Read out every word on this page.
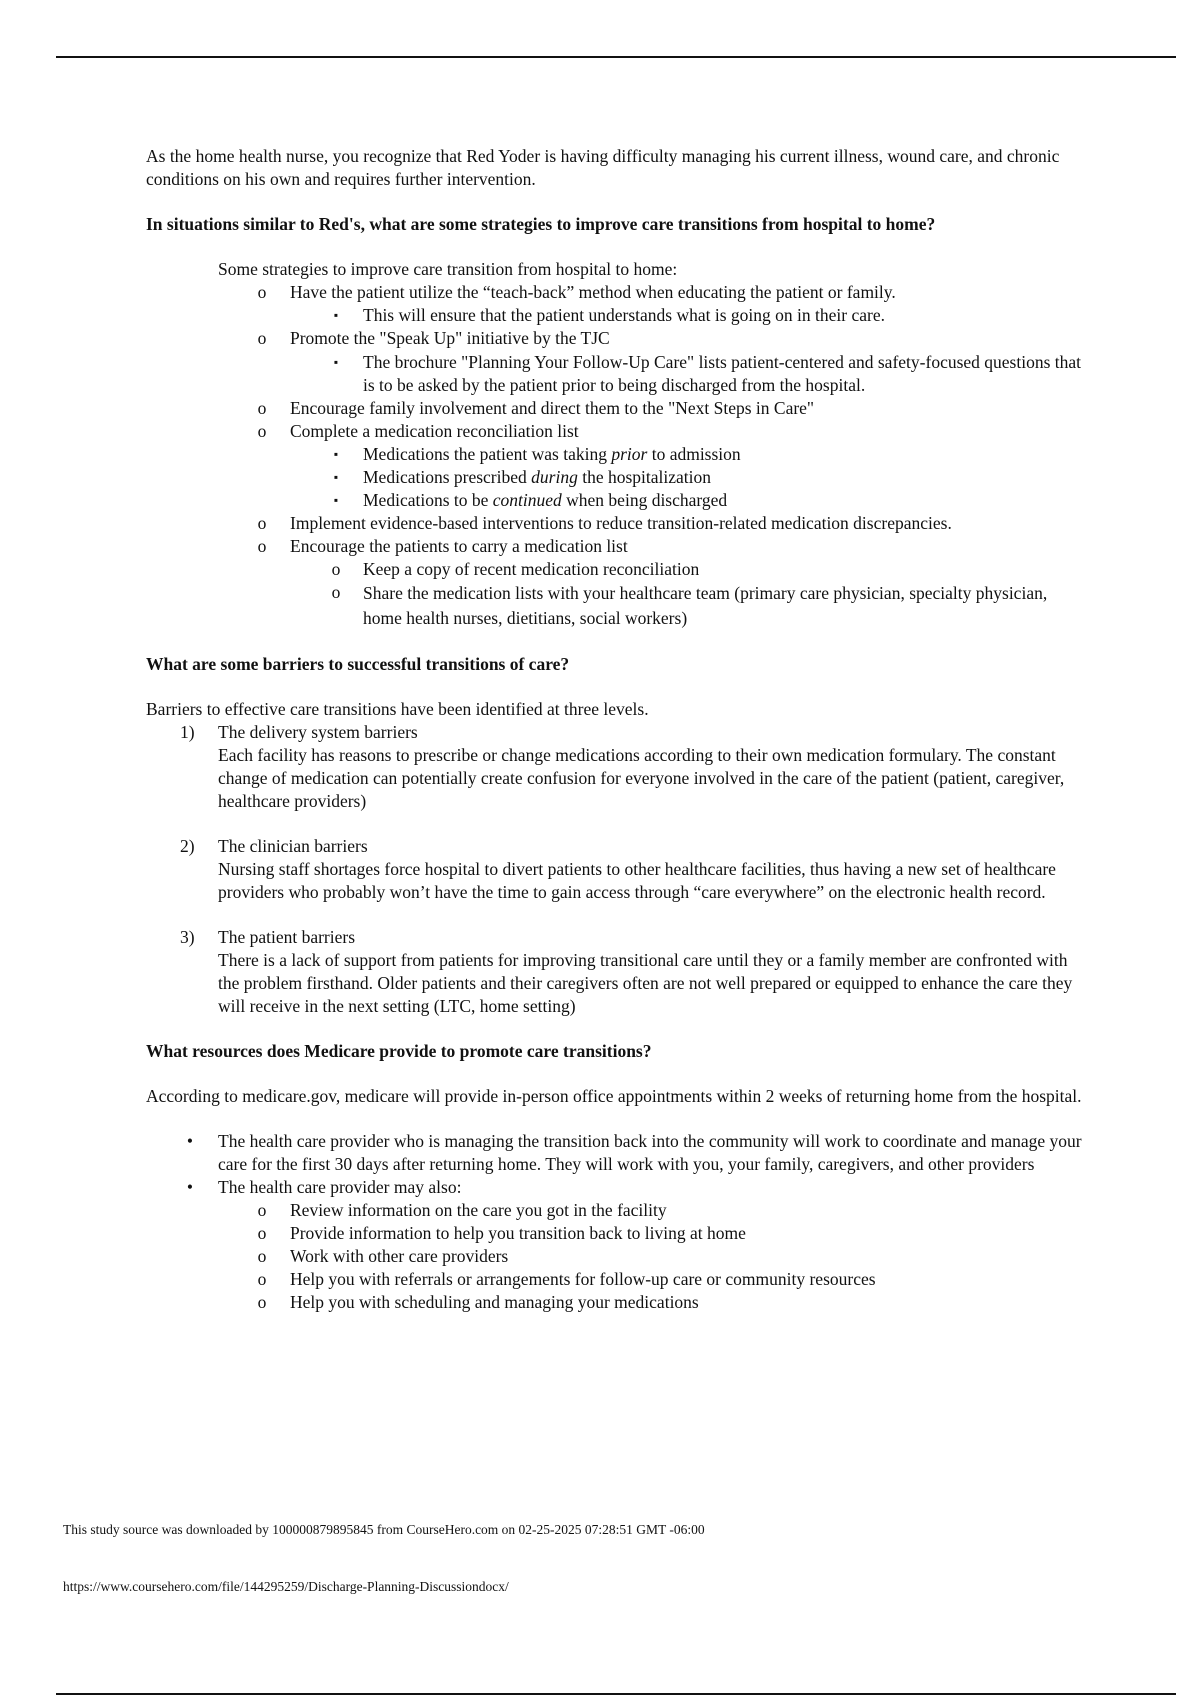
As the home health nurse, you recognize that Red Yoder is having difficulty managing his current illness, wound care, and chronic conditions on his own and requires further intervention.

In situations similar to Red's, what are some strategies to improve care transitions from hospital to home?

Some strategies to improve care transition from hospital to home:

o	Have the patient utilize the “teach-back” method when educating the patient or family.

▪	This will ensure that the patient understands what is going on in their care.

o	Promote the "Speak Up" initiative by the TJC

▪	The brochure "Planning Your Follow-Up Care" lists patient-centered and safety-focused questions that is to be asked by the patient prior to being discharged from the hospital.

o	Encourage family involvement and direct them to the "Next Steps in Care"

o	Complete a medication reconciliation list

▪	Medications the patient was taking prior to admission

▪	Medications prescribed during the hospitalization

▪	Medications to be continued when being discharged

o	Implement evidence-based interventions to reduce transition-related medication discrepancies.

o	Encourage the patients to carry a medication list

o	Keep a copy of recent medication reconciliation

o	Share the medication lists with your healthcare team (primary care physician, specialty physician, home health nurses, dietitians, social workers)

What are some barriers to successful transitions of care?

Barriers to effective care transitions have been identified at three levels.

1)	The delivery system barriers

Each facility has reasons to prescribe or change medications according to their own medication formulary. The constant change of medication can potentially create confusion for everyone involved in the care of the patient (patient, caregiver, healthcare providers)

2)	The clinician barriers

Nursing staff shortages force hospital to divert patients to other healthcare facilities, thus having a new set of healthcare providers who probably won’t have the time to gain access through “care everywhere” on the electronic health record.

3)	The patient barriers

There is a lack of support from patients for improving transitional care until they or a family member are confronted with the problem firsthand. Older patients and their caregivers often are not well prepared or equipped to enhance the care they will receive in the next setting (LTC, home setting)

What resources does Medicare provide to promote care transitions?

According to medicare.gov, medicare will provide in-person office appointments within 2 weeks of returning home from the hospital.

•	The health care provider who is managing the transition back into the community will work to coordinate and manage your care for the first 30 days after returning home. They will work with you, your family, caregivers, and other providers

•	The health care provider may also:

o	Review information on the care you got in the facility

o	Provide information to help you transition back to living at home

o	Work with other care providers

o	Help you with referrals or arrangements for follow-up care or community resources

o	Help you with scheduling and managing your medications

This study source was downloaded by 100000879895845 from CourseHero.com on 02-25-2025 07:28:51 GMT -06:00
https://www.coursehero.com/file/144295259/Discharge-Planning-Discussiondocx/
